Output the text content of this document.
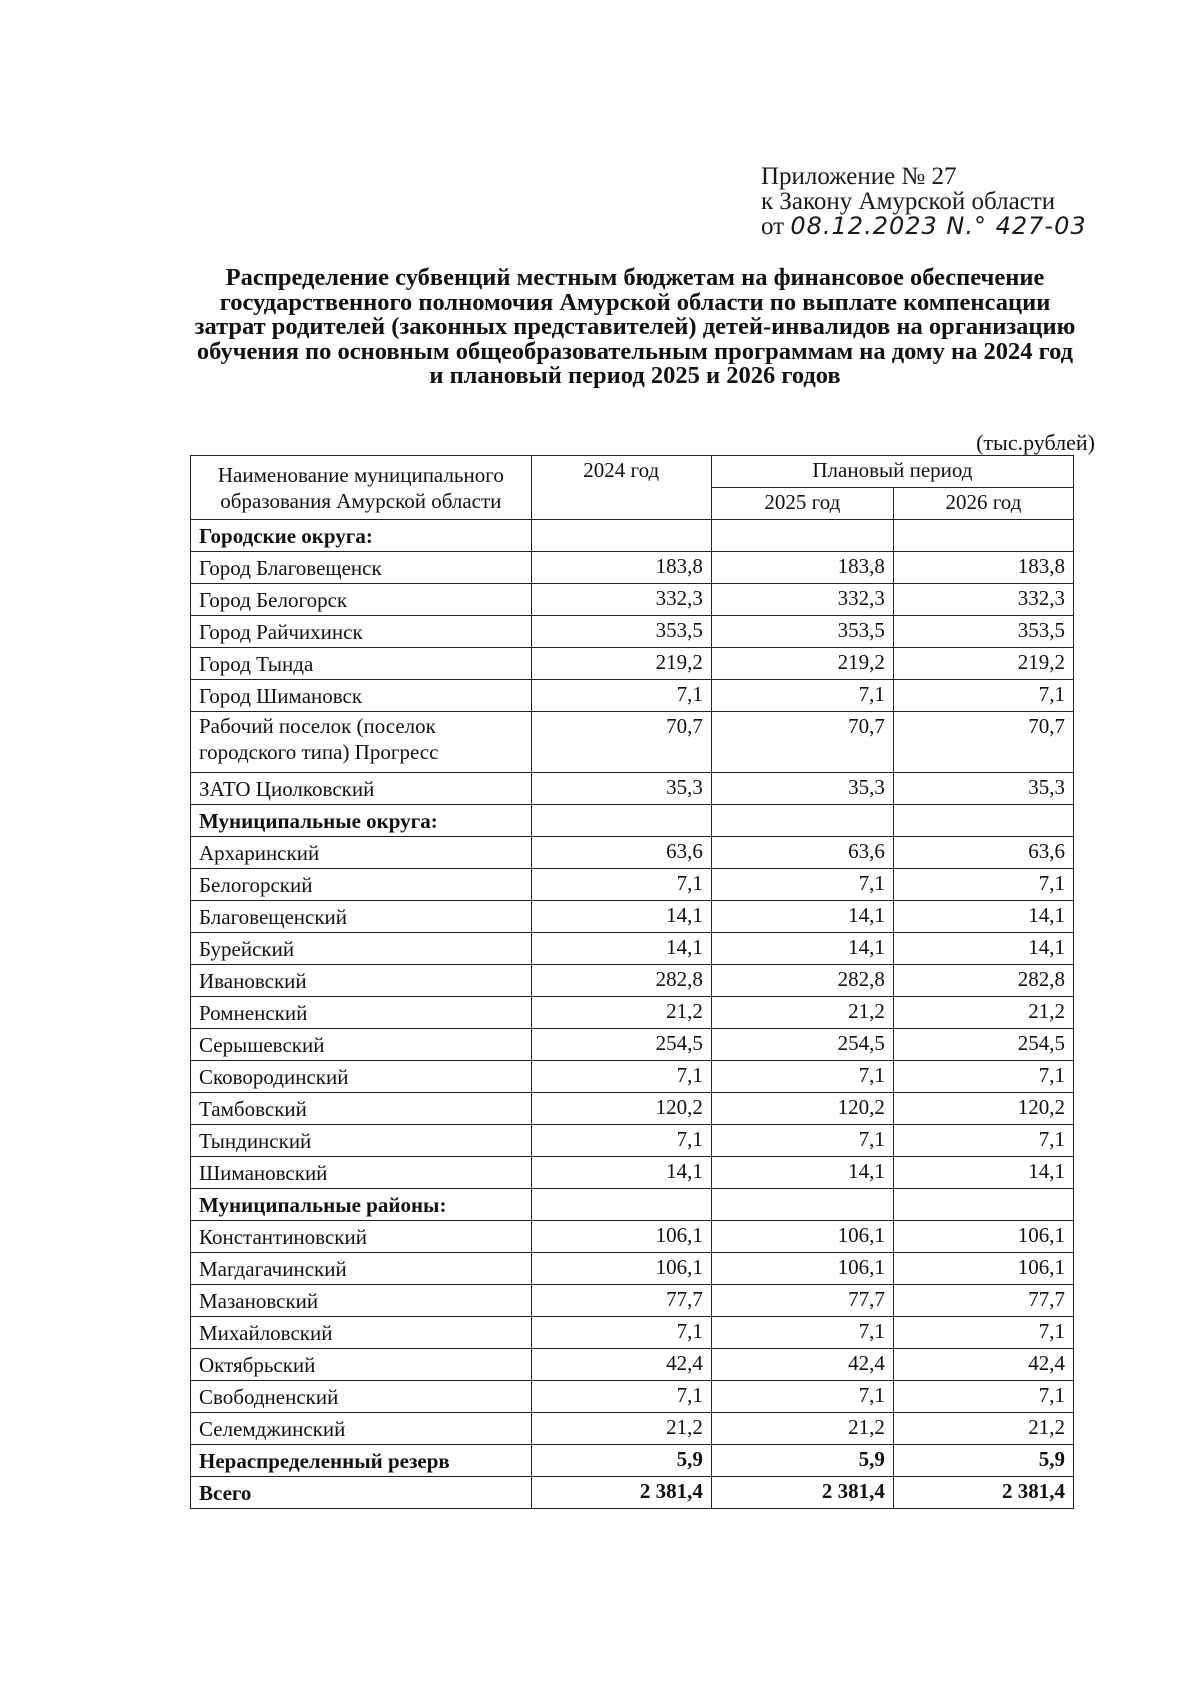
Приложение № 27
к Закону Амурской области
от 08.12.2023 N.° 427-03
Распределение субвенций местным бюджетам на финансовое обеспечение государственного полномочия Амурской области по выплате компенсации затрат родителей (законных представителей) детей-инвалидов на организацию обучения по основным общеобразовательным программам на дому на 2024 год и плановый период 2025 и 2026 годов
(тыс.рублей)
Наименование муниципального образования Амурской области	2024 год	Плановый период	
		2025 год	2026 год
Городские округа:			
Город Благовещенск	183,8	183,8	183,8
Город Белогорск	332,3	332,3	332,3
Город Райчихинск	353,5	353,5	353,5
Город Тында	219,2	219,2	219,2
Город Шимановск	7,1	7,1	7,1
Рабочий поселок (поселок городского типа) Прогресс	70,7	70,7	70,7
ЗАТО Циолковский	35,3	35,3	35,3
Муниципальные округа:			
Архаринский	63,6	63,6	63,6
Белогорский	7,1	7,1	7,1
Благовещенский	14,1	14,1	14,1
Бурейский	14,1	14,1	14,1
Ивановский	282,8	282,8	282,8
Ромненский	21,2	21,2	21,2
Серышевский	254,5	254,5	254,5
Сковородинский	7,1	7,1	7,1
Тамбовский	120,2	120,2	120,2
Тындинский	7,1	7,1	7,1
Шимановский	14,1	14,1	14,1
Муниципальные районы:			
Константиновский	106,1	106,1	106,1
Магдагачинский	106,1	106,1	106,1
Мазановский	77,7	77,7	77,7
Михайловский	7,1	7,1	7,1
Октябрьский	42,4	42,4	42,4
Свободненский	7,1	7,1	7,1
Селемджинский	21,2	21,2	21,2
Нераспределенный резерв	5,9	5,9	5,9
Всего	2 381,4	2 381,4	2 381,4
